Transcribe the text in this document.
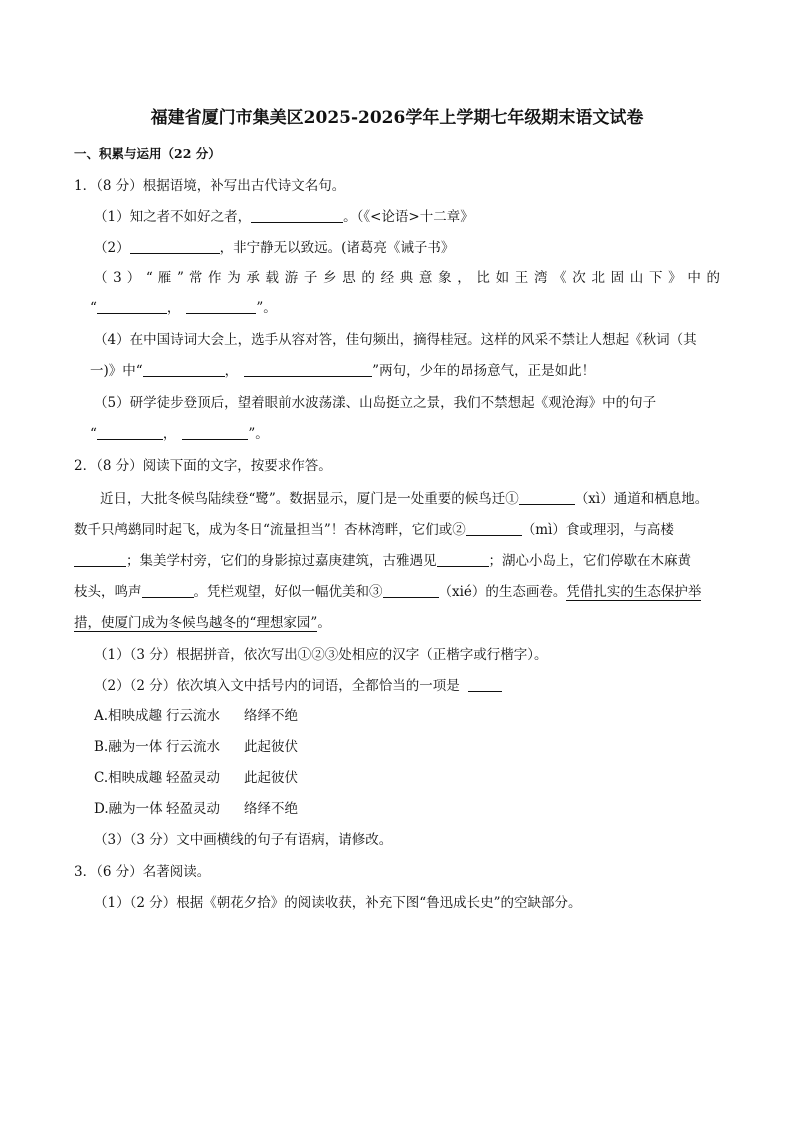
福建省厦门市集美区2025-2026学年上学期七年级期末语文试卷
一、积累与运用（22 分）
1．（8 分）根据语境，补写出古代诗文名句。
（1）知之者不如好之者，	。（《<论语>十二章》
（2）	，非宁静无以致远。(诸葛亮《诫子书》
（ 3 ） “ 雁 ” 常 作 为 承 载 游 子 乡 思 的 经 典 意 象 ， 比 如 王 湾 《 次 北 固 山 下 》 中 的
“	，	”。
（4）在中国诗词大会上，选手从容对答，佳句频出，摘得桂冠。这样的风采不禁让人想起《秋词（其
一)》中“	，	”两句，少年的昂扬意气，正是如此！
（5）研学徒步登顶后，望着眼前水波荡漾、山岛挺立之景，我们不禁想起《观沧海》中的句子
“	，	”。
2．（8 分）阅读下面的文字，按要求作答。
近日，大批冬候鸟陆续登“鹭”。数据显示，厦门是一处重要的候鸟迁①	（xì）通道和栖息地。
数千只鸬鹚同时起飞，成为冬日“流量担当”！杏林湾畔，它们或②	（mì）食或理羽，与高楼
；集美学村旁，它们的身影掠过嘉庚建筑，古雅遇见	；湖心小岛上，它们停歇在木麻黄
枝头，鸣声	。凭栏观望，好似一幅优美和③	（xié）的生态画卷。凭借扎实的生态保护举
措，使厦门成为冬候鸟越冬的“理想家园”。
（1）（3 分）根据拼音，依次写出①②③处相应的汉字（正楷字或行楷字）。
（2）（2 分）依次填入文中括号内的词语，全都恰当的一项是
A.相映成趣 行云流水 络绎不绝
B.融为一体 行云流水 此起彼伏
C.相映成趣 轻盈灵动 此起彼伏
D.融为一体 轻盈灵动 络绎不绝
（3）（3 分）文中画横线的句子有语病，请修改。
3．（6 分）名著阅读。
（1）（2 分）根据《朝花夕拾》的阅读收获，补充下图“鲁迅成长史”的空缺部分。
